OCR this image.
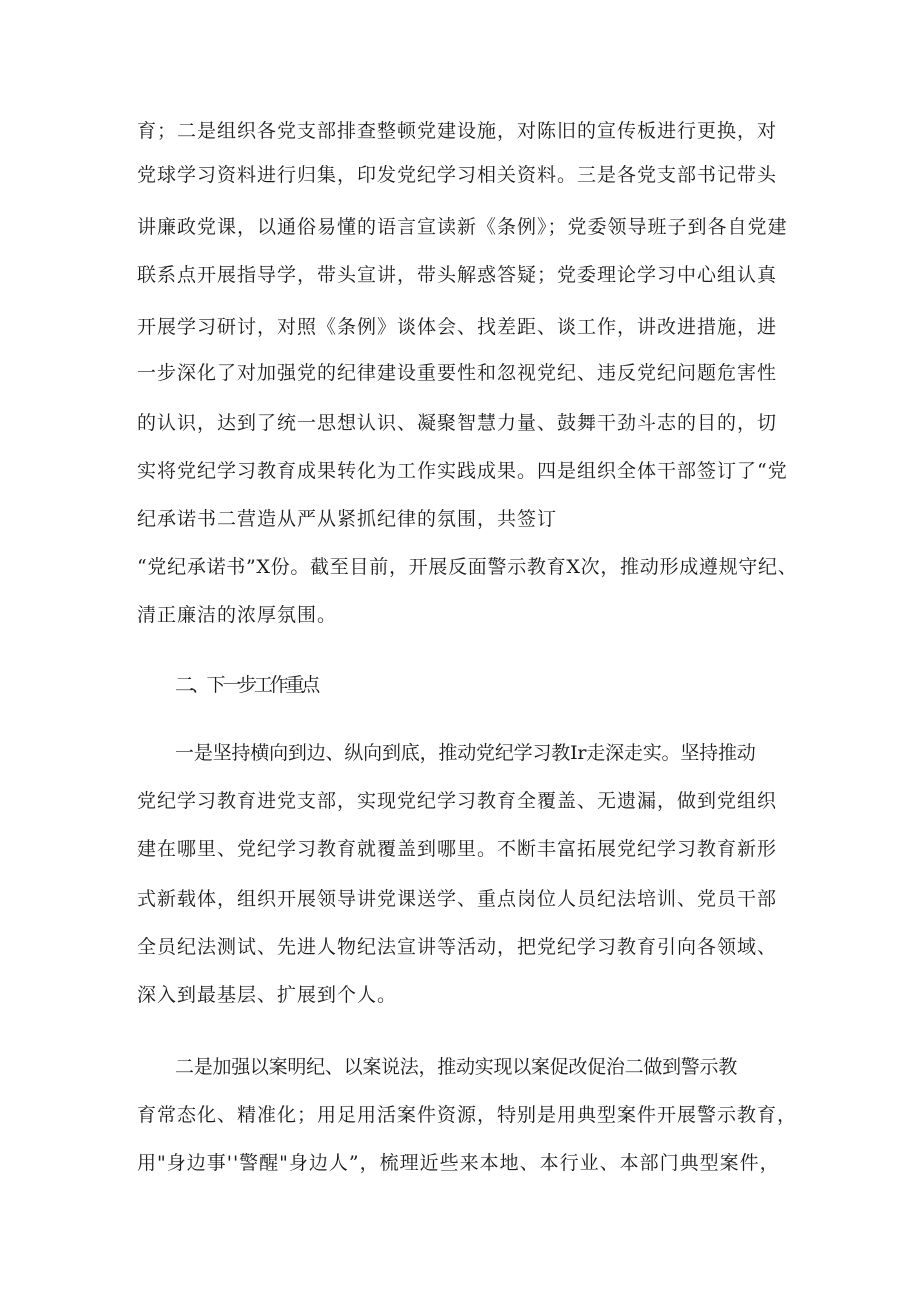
育；二是组织各党支部排查整顿党建设施，对陈旧的宣传板进行更换，对
党球学习资料进行归集，印发党纪学习相关资料。三是各党支部书记带头
讲廉政党课，以通俗易懂的语言宣读新《条例》；党委领导班子到各自党建
联系点开展指导学，带头宣讲，带头解惑答疑；党委理论学习中心组认真
开展学习研讨，对照《条例》谈体会、找差距、谈工作，讲改进措施，进
一步深化了对加强党的纪律建设重要性和忽视党纪、违反党纪问题危害性
的认识，达到了统一思想认识、凝聚智慧力量、鼓舞干劲斗志的目的，切
实将党纪学习教育成果转化为工作实践成果。四是组织全体干部签订了“党
纪承诺书二营造从严从紧抓纪律的氛围，共签订
“党纪承诺书”X份。截至目前，开展反面警示教育X次，推动形成遵规守纪、
清正廉洁的浓厚氛围。
二、下一步工作重点
一是坚持横向到边、纵向到底，推动党纪学习教Ir走深走实。坚持推动
党纪学习教育进党支部，实现党纪学习教育全覆盖、无遗漏，做到党组织
建在哪里、党纪学习教育就覆盖到哪里。不断丰富拓展党纪学习教育新形
式新载体，组织开展领导讲党课送学、重点岗位人员纪法培训、党员干部
全员纪法测试、先进人物纪法宣讲等活动，把党纪学习教育引向各领域、
深入到最基层、扩展到个人。
二是加强以案明纪、以案说法，推动实现以案促改促治二做到警示教
育常态化、精准化；用足用活案件资源，特别是用典型案件开展警示教育，
用"身边事''警醒"身边人”，梳理近些来本地、本行业、本部门典型案件，
